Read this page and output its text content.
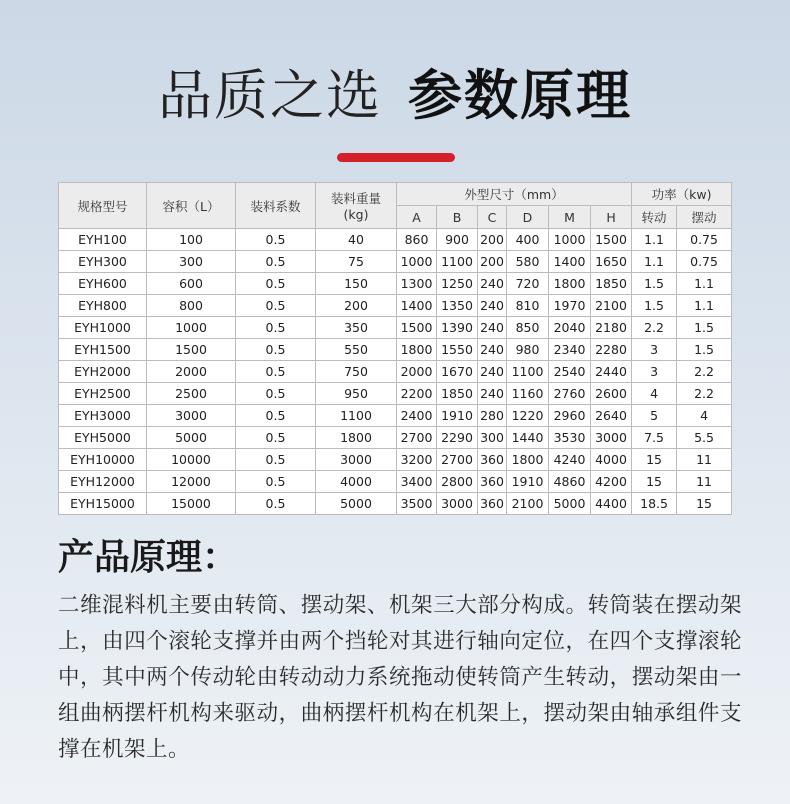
品质之选 参数原理
规格型号	容积（L）	装料系数	装料重量
(kg)	外型尺寸（mm）						功率（kw)	
				A	B	C	D	M	H	转动	摆动
EYH100	100	0.5	40	860	900	200	400	1000	1500	1.1	0.75
EYH300	300	0.5	75	1000	1100	200	580	1400	1650	1.1	0.75
EYH600	600	0.5	150	1300	1250	240	720	1800	1850	1.5	1.1
EYH800	800	0.5	200	1400	1350	240	810	1970	2100	1.5	1.1
EYH1000	1000	0.5	350	1500	1390	240	850	2040	2180	2.2	1.5
EYH1500	1500	0.5	550	1800	1550	240	980	2340	2280	3	1.5
EYH2000	2000	0.5	750	2000	1670	240	1100	2540	2440	3	2.2
EYH2500	2500	0.5	950	2200	1850	240	1160	2760	2600	4	2.2
EYH3000	3000	0.5	1100	2400	1910	280	1220	2960	2640	5	4
EYH5000	5000	0.5	1800	2700	2290	300	1440	3530	3000	7.5	5.5
EYH10000	10000	0.5	3000	3200	2700	360	1800	4240	4000	15	11
EYH12000	12000	0.5	4000	3400	2800	360	1910	4860	4200	15	11
EYH15000	15000	0.5	5000	3500	3000	360	2100	5000	4400	18.5	15
产品原理：
二维混料机主要由转筒、摆动架、机架三大部分构成。转筒装在摆动架上，由四个滚轮支撑并由两个挡轮对其进行轴向定位，在四个支撑滚轮中，其中两个传动轮由转动动力系统拖动使转筒产生转动，摆动架由一组曲柄摆杆机构来驱动，曲柄摆杆机构在机架上，摆动架由轴承组件支撑在机架上。
